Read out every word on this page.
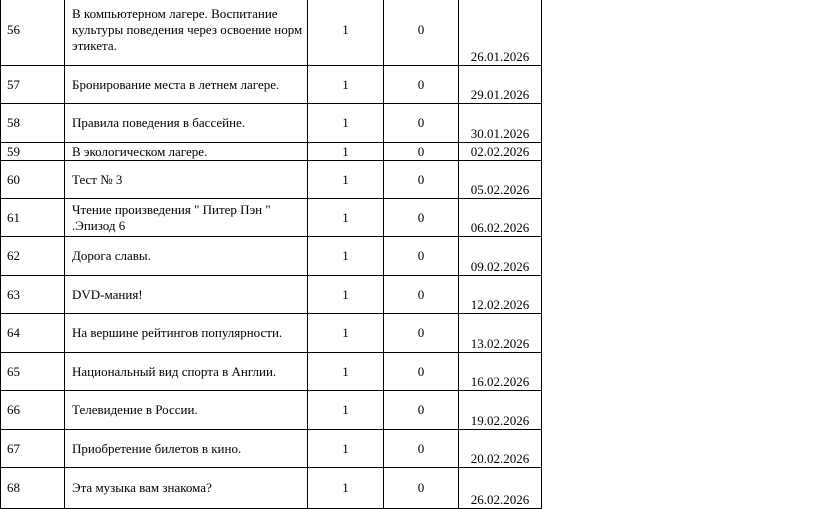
56	В компьютерном лагере. Воспитание культуры поведения через освоение норм этикета.	1	0	26.01.2026
57	Бронирование места в летнем лагере.	1	0	29.01.2026
58	Правила поведения в бассейне.	1	0	30.01.2026
59	В экологическом лагере.	1	0	02.02.2026
60	Тест № 3	1	0	05.02.2026
61	Чтение произведения " Питер Пэн " .Эпизод 6	1	0	06.02.2026
62	Дорога славы.	1	0	09.02.2026
63	DVD-мания!	1	0	12.02.2026
64	На вершине рейтингов популярности.	1	0	13.02.2026
65	Национальный вид спорта в Англии.	1	0	16.02.2026
66	Телевидение в России.	1	0	19.02.2026
67	Приобретение билетов в кино.	1	0	20.02.2026
68	Эта музыка вам знакома?	1	0	26.02.2026
